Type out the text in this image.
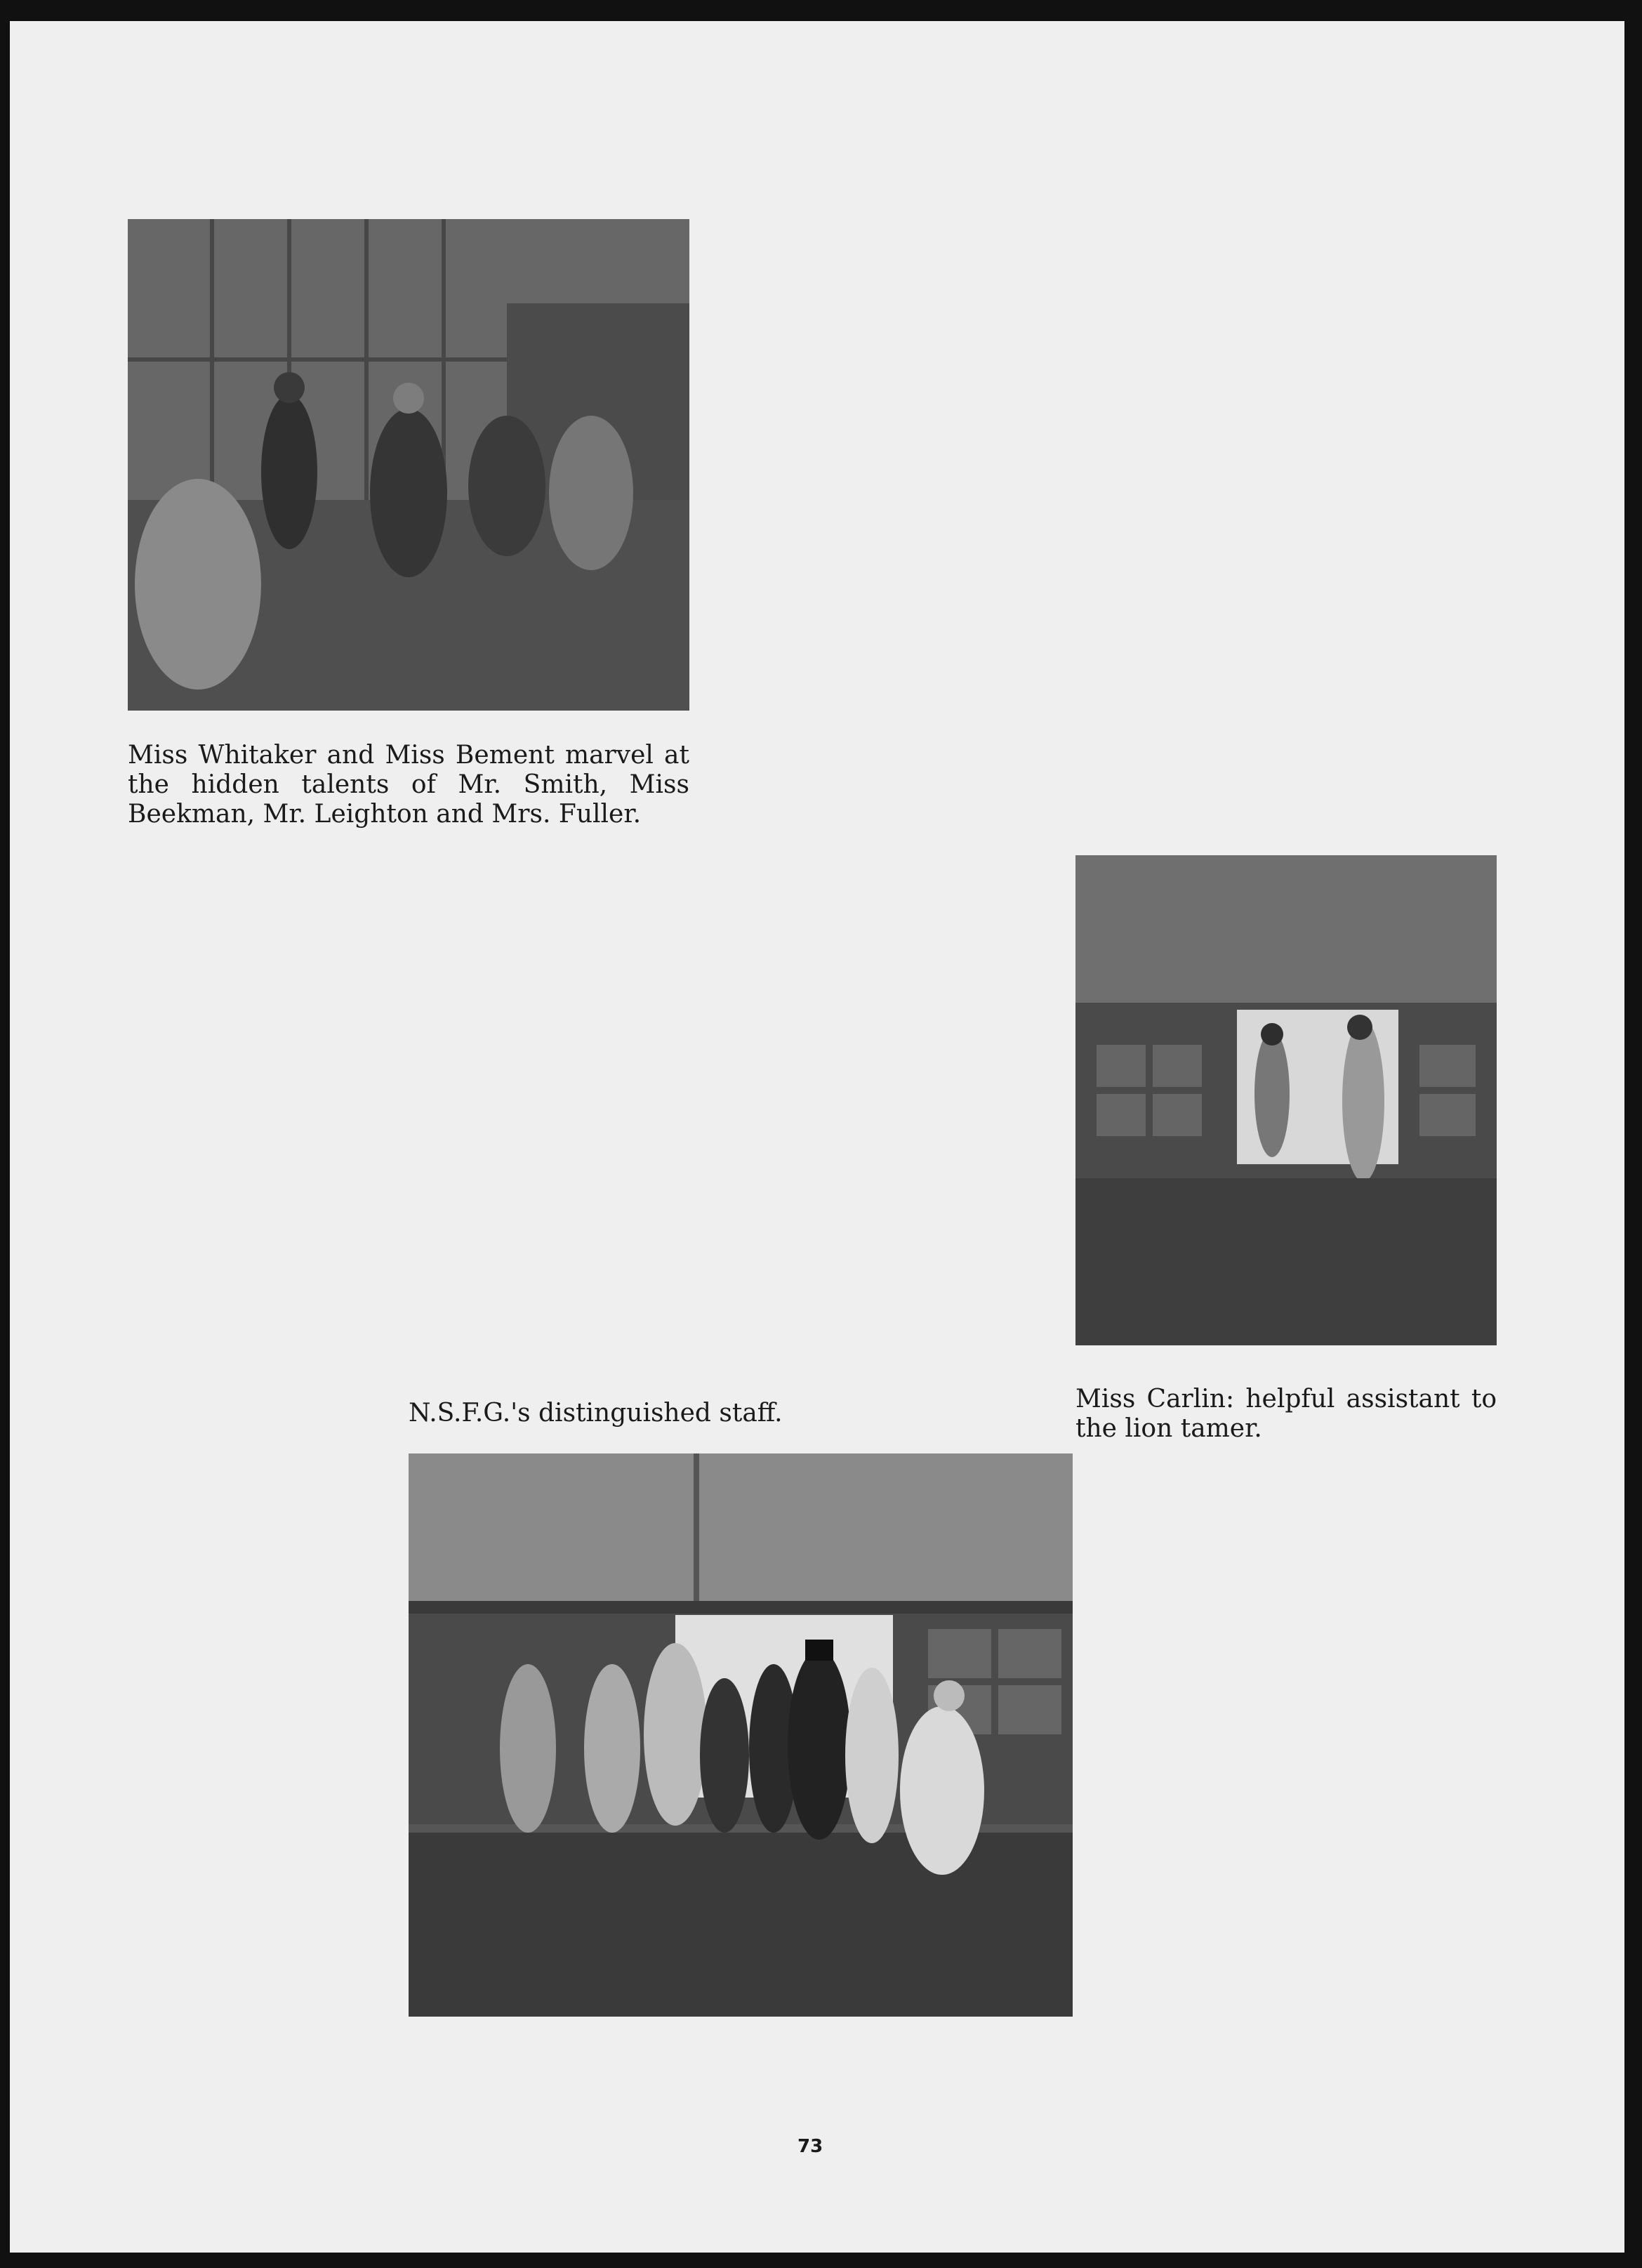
Miss Whitaker and Miss Bement marvel at the hidden talents of Mr. Smith, Miss Beekman, Mr. Leighton and Mrs. Fuller.
Miss Carlin: helpful assistant to the lion tamer.
N.S.F.G.'s distinguished staff.
73
